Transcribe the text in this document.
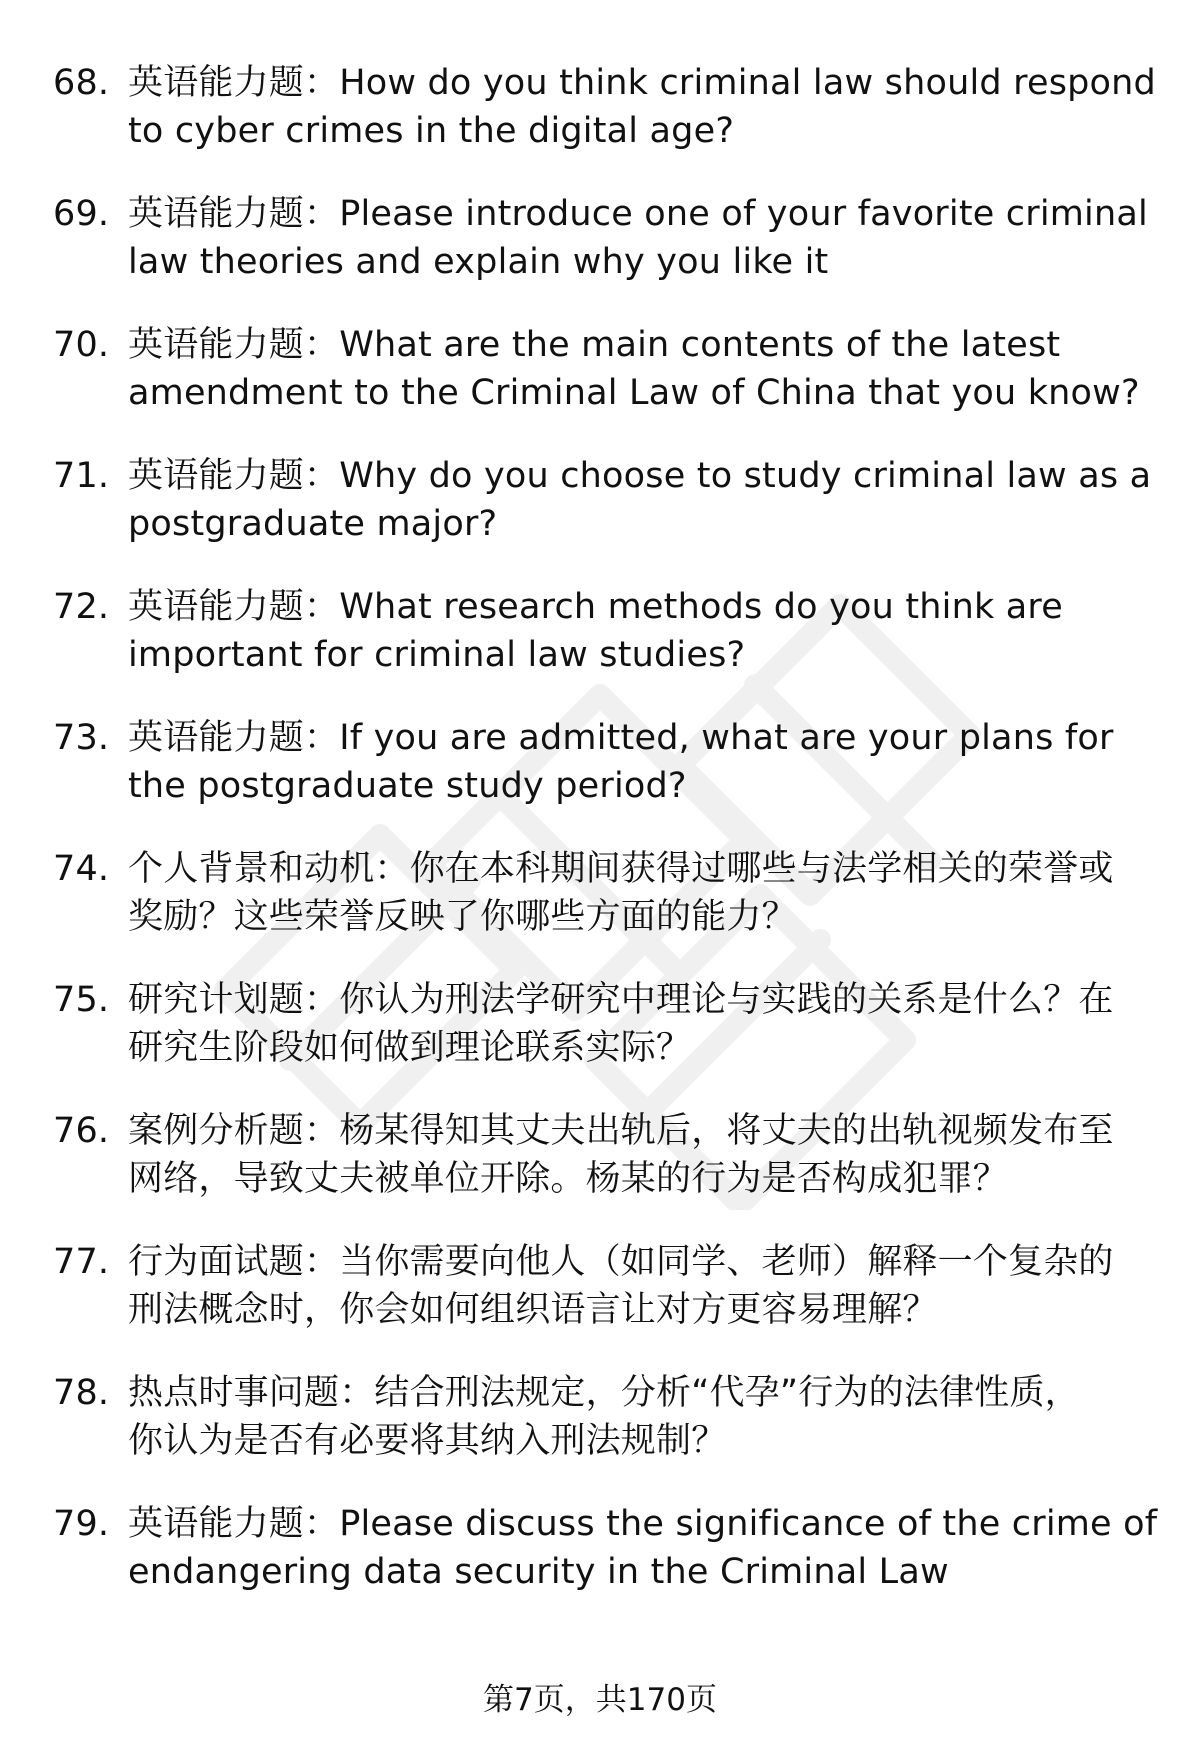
68. 英语能力题：How do you think criminal law should respond
to cyber crimes in the digital age?
69. 英语能力题：Please introduce one of your favorite criminal
law theories and explain why you like it
70. 英语能力题：What are the main contents of the latest
amendment to the Criminal Law of China that you know?
71. 英语能力题：Why do you choose to study criminal law as a
postgraduate major?
72. 英语能力题：What research methods do you think are
important for criminal law studies?
73. 英语能力题：If you are admitted, what are your plans for
the postgraduate study period?
74. 个人背景和动机：你在本科期间获得过哪些与法学相关的荣誉或
奖励？这些荣誉反映了你哪些方面的能力？
75. 研究计划题：你认为刑法学研究中理论与实践的关系是什么？在
研究生阶段如何做到理论联系实际？
76. 案例分析题：杨某得知其丈夫出轨后，将丈夫的出轨视频发布至
网络，导致丈夫被单位开除。杨某的行为是否构成犯罪？
77. 行为面试题：当你需要向他人（如同学、老师）解释一个复杂的
刑法概念时，你会如何组织语言让对方更容易理解？
78. 热点时事问题：结合刑法规定，分析“代孕”行为的法律性质，
你认为是否有必要将其纳入刑法规制？
79. 英语能力题：Please discuss the significance of the crime of
endangering data security in the Criminal Law
第7页，共170页
